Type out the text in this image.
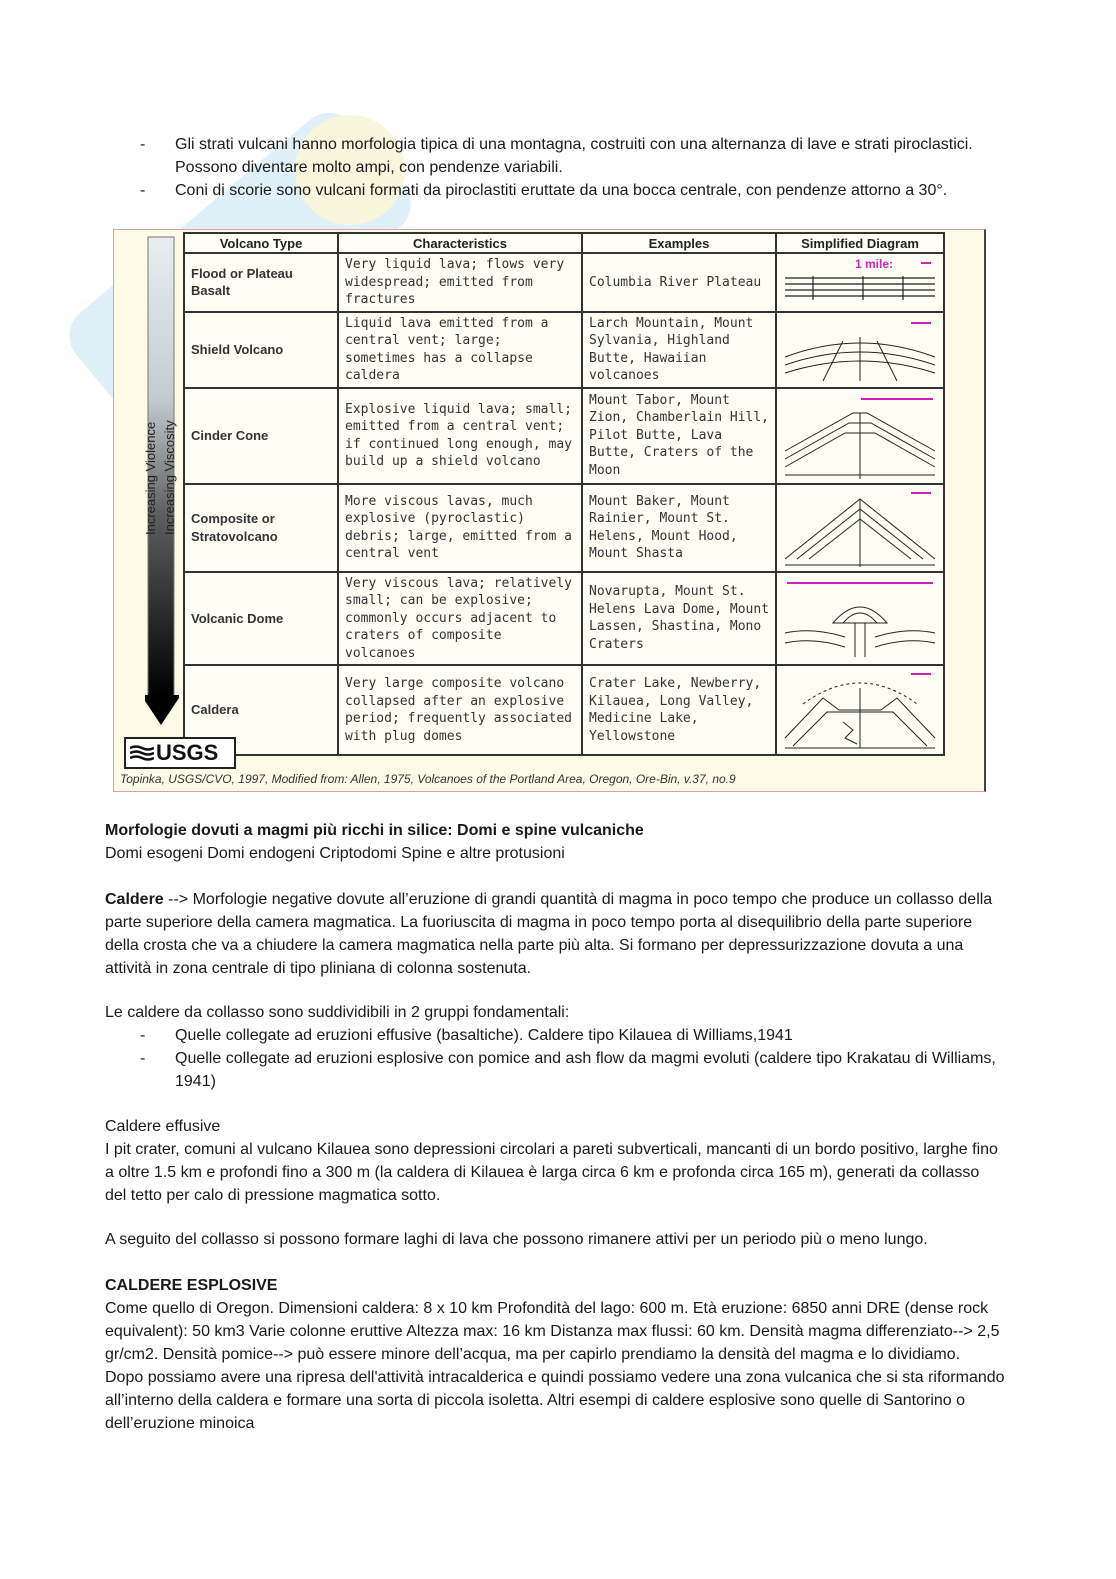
- Gli strati vulcani hanno morfologia tipica di una montagna, costruiti con una alternanza di lave e strati piroclastici. Possono diventare molto ampi, con pendenze variabili.

- Coni di scorie sono vulcani formati da piroclastiti eruttate da una bocca centrale, con pendenze attorno a 30°.

Increasing Violence Increasing Viscosity
Volcano Type	Characteristics	Examples	Simplified Diagram
Flood or Plateau Basalt	Very liquid lava; flows very widespread; emitted from fractures	Columbia River Plateau	1 mile:

Shield Volcano	Liquid lava emitted from a central vent; large; sometimes has a collapse caldera	Larch Mountain, Mount Sylvania, Highland Butte, Hawaiian volcanoes	

Cinder Cone	Explosive liquid lava; small; emitted from a central vent; if continued long enough, may build up a shield volcano	Mount Tabor, Mount Zion, Chamberlain Hill, Pilot Butte, Lava Butte, Craters of the Moon	

Composite or Stratovolcano	More viscous lavas, much explosive (pyroclastic) debris; large, emitted from a central vent	Mount Baker, Mount Rainier, Mount St. Helens, Mount Hood, Mount Shasta	

Volcanic Dome	Very viscous lava; relatively small; can be explosive; commonly occurs adjacent to craters of composite volcanoes	Novarupta, Mount St. Helens Lava Dome, Mount Lassen, Shastina, Mono Craters	

Caldera	Very large composite volcano collapsed after an explosive period; frequently associated with plug domes	Crater Lake, Newberry, Kilauea, Long Valley, Medicine Lake, Yellowstone	
USGS
Topinka, USGS/CVO, 1997, Modified from: Allen, 1975, Volcanoes of the Portland Area, Oregon, Ore-Bin, v.37, no.9
Morfologie dovuti a magmi più ricchi in silice: Domi e spine vulcaniche
Domi esogeni Domi endogeni Criptodomi Spine e altre protusioni
Caldere --> Morfologie negative dovute all’eruzione di grandi quantità di magma in poco tempo che produce un collasso della parte superiore della camera magmatica. La fuoriuscita di magma in poco tempo porta al disequilibrio della parte superiore della crosta che va a chiudere la camera magmatica nella parte più alta. Si formano per depressurizzazione dovuta a una attività in zona centrale di tipo pliniana di colonna sostenuta.
Le caldere da collasso sono suddividibili in 2 gruppi fondamentali:

- Quelle collegate ad eruzioni effusive (basaltiche). Caldere tipo Kilauea di Williams,1941

- Quelle collegate ad eruzioni esplosive con pomice and ash flow da magmi evoluti (caldere tipo Krakatau di Williams, 1941)

Caldere effusive
I pit crater, comuni al vulcano Kilauea sono depressioni circolari a pareti subverticali, mancanti di un bordo positivo, larghe fino a oltre 1.5 km e profondi fino a 300 m (la caldera di Kilauea è larga circa 6 km e profonda circa 165 m), generati da collasso del tetto per calo di pressione magmatica sotto.
A seguito del collasso si possono formare laghi di lava che possono rimanere attivi per un periodo più o meno lungo.
CALDERE ESPLOSIVE
Come quello di Oregon. Dimensioni caldera: 8 x 10 km Profondità del lago: 600 m. Età eruzione: 6850 anni DRE (dense rock equivalent): 50 km3 Varie colonne eruttive Altezza max: 16 km Distanza max flussi: 60 km. Densità magma differenziato--> 2,5 gr/cm2. Densità pomice--> può essere minore dell’acqua, ma per capirlo prendiamo la densità del magma e lo dividiamo.
Dopo possiamo avere una ripresa dell'attività intracalderica e quindi possiamo vedere una zona vulcanica che si sta riformando all’interno della caldera e formare una sorta di piccola isoletta. Altri esempi di caldere esplosive sono quelle di Santorino o dell’eruzione minoica
